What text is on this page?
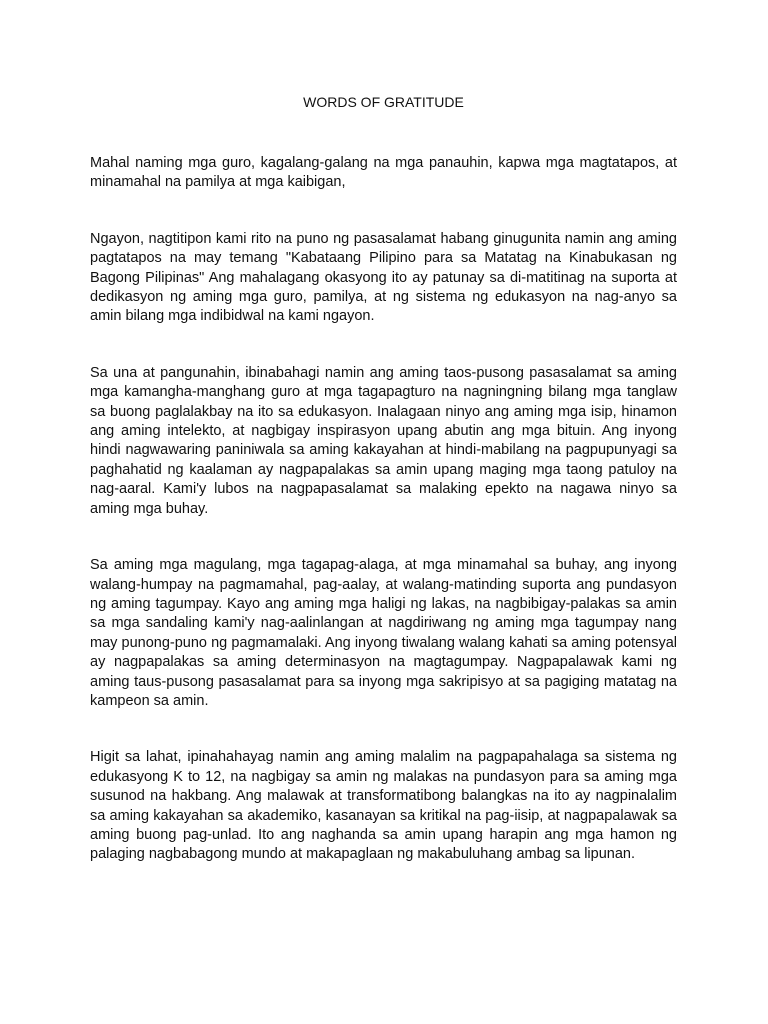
WORDS OF GRATITUDE

Mahal naming mga guro, kagalang-galang na mga panauhin, kapwa mga magtatapos, at minamahal na pamilya at mga kaibigan,

Ngayon, nagtitipon kami rito na puno ng pasasalamat habang ginugunita namin ang aming pagtatapos na may temang "Kabataang Pilipino para sa Matatag na Kinabukasan ng Bagong Pilipinas" Ang mahalagang okasyong ito ay patunay sa di-matitinag na suporta at dedikasyon ng aming mga guro, pamilya, at ng sistema ng edukasyon na nag-anyo sa amin bilang mga indibidwal na kami ngayon.

Sa una at pangunahin, ibinabahagi namin ang aming taos-pusong pasasalamat sa aming mga kamangha-manghang guro at mga tagapagturo na nagningning bilang mga tanglaw sa buong paglalakbay na ito sa edukasyon. Inalagaan ninyo ang aming mga isip, hinamon ang aming intelekto, at nagbigay inspirasyon upang abutin ang mga bituin. Ang inyong hindi nagwawaring paniniwala sa aming kakayahan at hindi-mabilang na pagpupunyagi sa paghahatid ng kaalaman ay nagpapalakas sa amin upang maging mga taong patuloy na nag-aaral. Kami'y lubos na nagpapasalamat sa malaking epekto na nagawa ninyo sa aming mga buhay.

Sa aming mga magulang, mga tagapag-alaga, at mga minamahal sa buhay, ang inyong walang-humpay na pagmamahal, pag-aalay, at walang-matinding suporta ang pundasyon ng aming tagumpay. Kayo ang aming mga haligi ng lakas, na nagbibigay-palakas sa amin sa mga sandaling kami'y nag-aalinlangan at nagdiriwang ng aming mga tagumpay nang may punong-puno ng pagmamalaki. Ang inyong tiwalang walang kahati sa aming potensyal ay nagpapalakas sa aming determinasyon na magtagumpay. Nagpapalawak kami ng aming taus-pusong pasasalamat para sa inyong mga sakripisyo at sa pagiging matatag na kampeon sa amin.

Higit sa lahat, ipinahahayag namin ang aming malalim na pagpapahalaga sa sistema ng edukasyong K to 12, na nagbigay sa amin ng malakas na pundasyon para sa aming mga susunod na hakbang. Ang malawak at transformatibong balangkas na ito ay nagpinalalim sa aming kakayahan sa akademiko, kasanayan sa kritikal na pag-iisip, at nagpapalawak sa aming buong pag-unlad. Ito ang naghanda sa amin upang harapin ang mga hamon ng palaging nagbabagong mundo at makapaglaan ng makabuluhang ambag sa lipunan.
